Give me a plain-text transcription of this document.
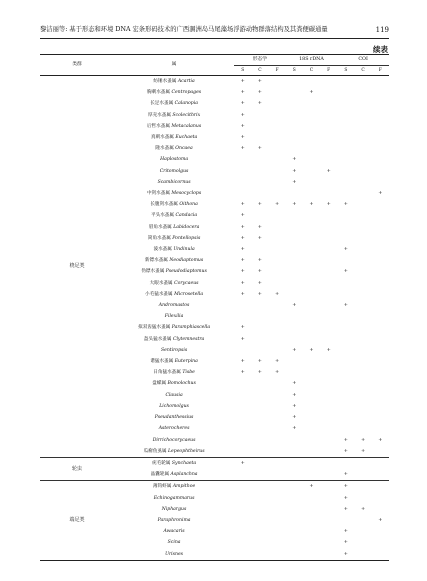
黎洁丽等: 基于形态和环境 DNA 宏条形码技术的广西涠洲岛马尾藻场浮游动物群落结构及其粪便碳通量	119
续表
类群	属	形态学			18S rDNA			COI		
		S	C	F	S	C	F	S	C	F
桡足类	纺锤水蚤属 Acartia	+	+							
	胸刺水蚤属 Centropages	+	+			+				
	长足水蚤属 Calanopia	+	+							
	厚壳水蚤属 Scolecithrix	+								
	后哲水蚤属 Metacalanus	+								
	真刺水蚤属 Euchaeta	+								
	隆水蚤属 Oncaea	+	+							
	Haplostoma				+					
	Critomolgus				+		+			
	Scambicornus				+					
	中剑水蚤属 Mesocyclops									+
	长腹剑水蚤属 Oithona	+	+	+	+	+	+	+		
	平头水蚤属 Candacia	+								
	唇角水蚤属 Labidocera	+	+							
	简角水蚤属 Pontellopsis	+	+							
	波水蚤属 Undinula	+						+		
	新镖水蚤属 Neodiaptomus	+	+							
	伪镖水蚤属 Pseudodiaptomus	+	+					+		
	大眼水蚤属 Corycaeus	+	+							
	小毛猛水蚤属 Microsetella	+	+	+						
	Andromastos				+			+		
	Filexilia									
	拟双齿猛水蚤属 Paramphiascella	+								
	盔头猛水蚤属 Clytemnestra	+								
	Sentiropsis				+	+	+			
	谐猛水蚤属 Euterpina	+	+	+						
	日角猛水蚤属 Tisbe	+	+	+						
	盘蝾属 Bomolochus				+					
	Clausia				+					
	Lichomolgus				+					
	Pseudanthessius				+					
	Asterocheres				+					
	Dirrichocorycaeus							+	+	+
	瓜瘤鱼虱属 Lepeophtheirus							+	+	
轮虫	疣毛轮属 Synchaeta	+								
	晶囊轮属 Asplanchna							+		
端足类	薄钩虾属 Ampithoe					+		+		
	Echinogammarus							+		
	Niphargus							+	+	
	Paraphronima									+
	Awacaris							+		
	Scina							+		
	Urisnes							+		
